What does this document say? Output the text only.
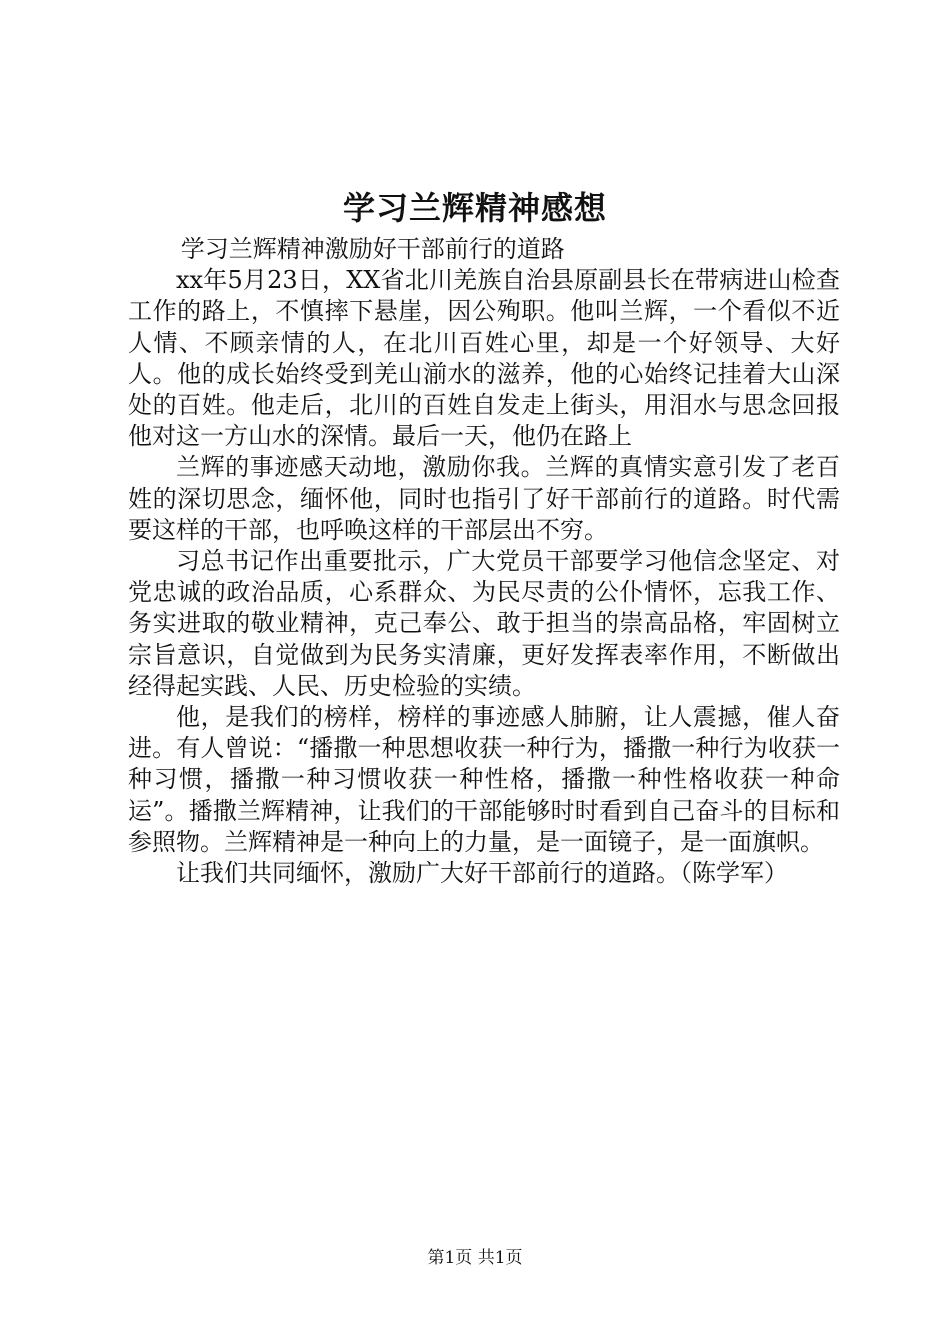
学习兰辉精神感想

学习兰辉精神激励好干部前行的道路

xx年5月23日，XX省北川羌族自治县原副县长在带病进山检查工作的路上，不慎摔下悬崖，因公殉职。他叫兰辉，一个看似不近人情、不顾亲情的人，在北川百姓心里，却是一个好领导、大好人。他的成长始终受到羌山湔水的滋养，他的心始终记挂着大山深处的百姓。他走后，北川的百姓自发走上街头，用泪水与思念回报他对这一方山水的深情。最后一天，他仍在路上

兰辉的事迹感天动地，激励你我。兰辉的真情实意引发了老百姓的深切思念，缅怀他，同时也指引了好干部前行的道路。时代需要这样的干部，也呼唤这样的干部层出不穷。

习总书记作出重要批示，广大党员干部要学习他信念坚定、对党忠诚的政治品质，心系群众、为民尽责的公仆情怀，忘我工作、务实进取的敬业精神，克己奉公、敢于担当的崇高品格，牢固树立宗旨意识，自觉做到为民务实清廉，更好发挥表率作用，不断做出经得起实践、人民、历史检验的实绩。

他，是我们的榜样，榜样的事迹感人肺腑，让人震撼，催人奋进。有人曾说：“播撒一种思想收获一种行为，播撒一种行为收获一种习惯，播撒一种习惯收获一种性格，播撒一种性格收获一种命运”。播撒兰辉精神，让我们的干部能够时时看到自己奋斗的目标和参照物。兰辉精神是一种向上的力量，是一面镜子，是一面旗帜。

让我们共同缅怀，激励广大好干部前行的道路。（陈学军）

第1页 共1页
